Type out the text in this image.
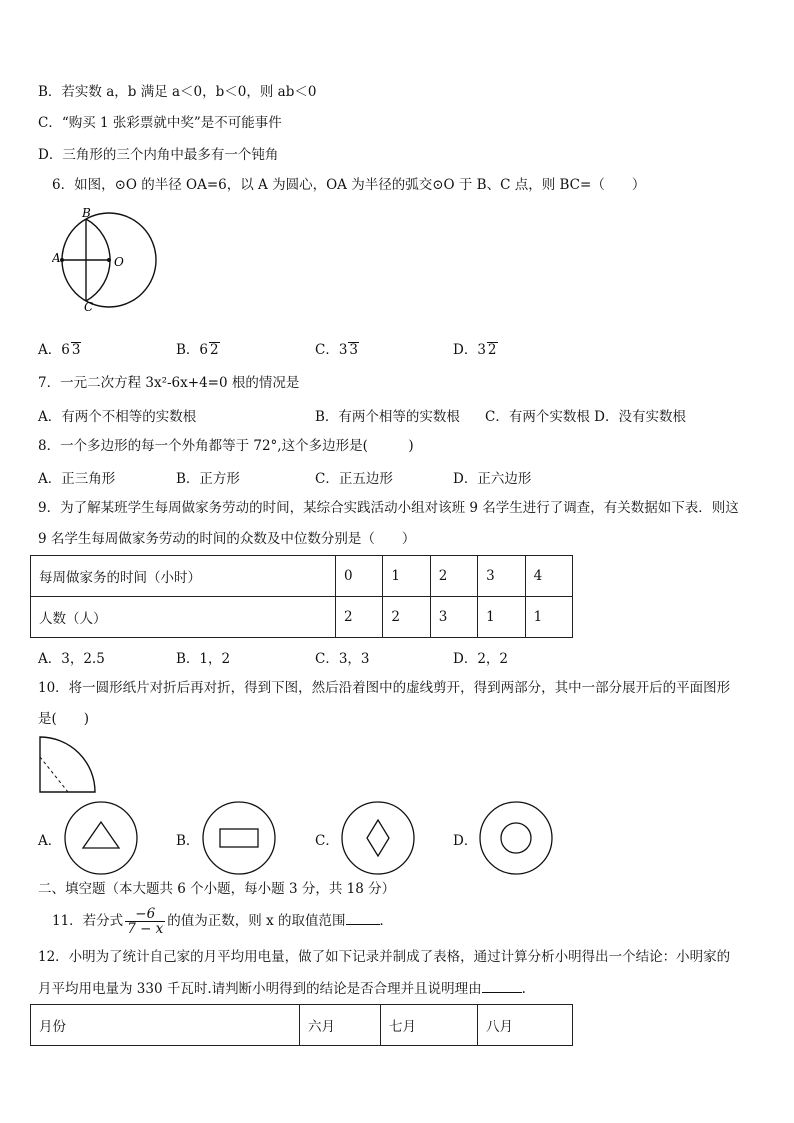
B．若实数 a，b 满足 a＜0，b＜0，则 ab＜0
C．“购买 1 张彩票就中奖”是不可能事件
D．三角形的三个内角中最多有一个钝角
6．如图，⊙O 的半径 OA=6，以 A 为圆心，OA 为半径的弧交⊙O 于 B、C 点，则 BC=（　　）
B
A	O
C
A．6 3	B．6 2	C．3 3	D．3 2
7．一元二次方程 3x²-6x+4=0 根的情况是
A．有两个不相等的实数根	B．有两个相等的实数根 C．有两个实数根 D．没有实数根
8．一个多边形的每一个外角都等于 72°,这个多边形是(　　　)
A．正三角形	B．正方形	C．正五边形	D．正六边形
9．为了解某班学生每周做家务劳动的时间，某综合实践活动小组对该班 9 名学生进行了调查，有关数据如下表．则这
9 名学生每周做家务劳动的时间的众数及中位数分别是（　　）
每周做家务的时间（小时）	0	1	2	3	4
人数（人）	2	2	3	1	1
A．3，2.5	B．1，2	C．3，3	D．2，2
10．将一圆形纸片对折后再对折，得到下图，然后沿着图中的虚线剪开，得到两部分，其中一部分展开后的平面图形
是(　　)
A．	B．	C．	D．
二、填空题（本大题共 6 个小题，每小题 3 分，共 18 分）
11．若分式 $\frac{-6}{7 - x}$ 的值为正数，则 x 的取值范围	．
12．小明为了统计自己家的月平均用电量，做了如下记录并制成了表格，通过计算分析小明得出一个结论：小明家的
月平均用电量为 330 千瓦时.请判断小明得到的结论是否合理并且说明理由	.
月份	六月	七月	八月
